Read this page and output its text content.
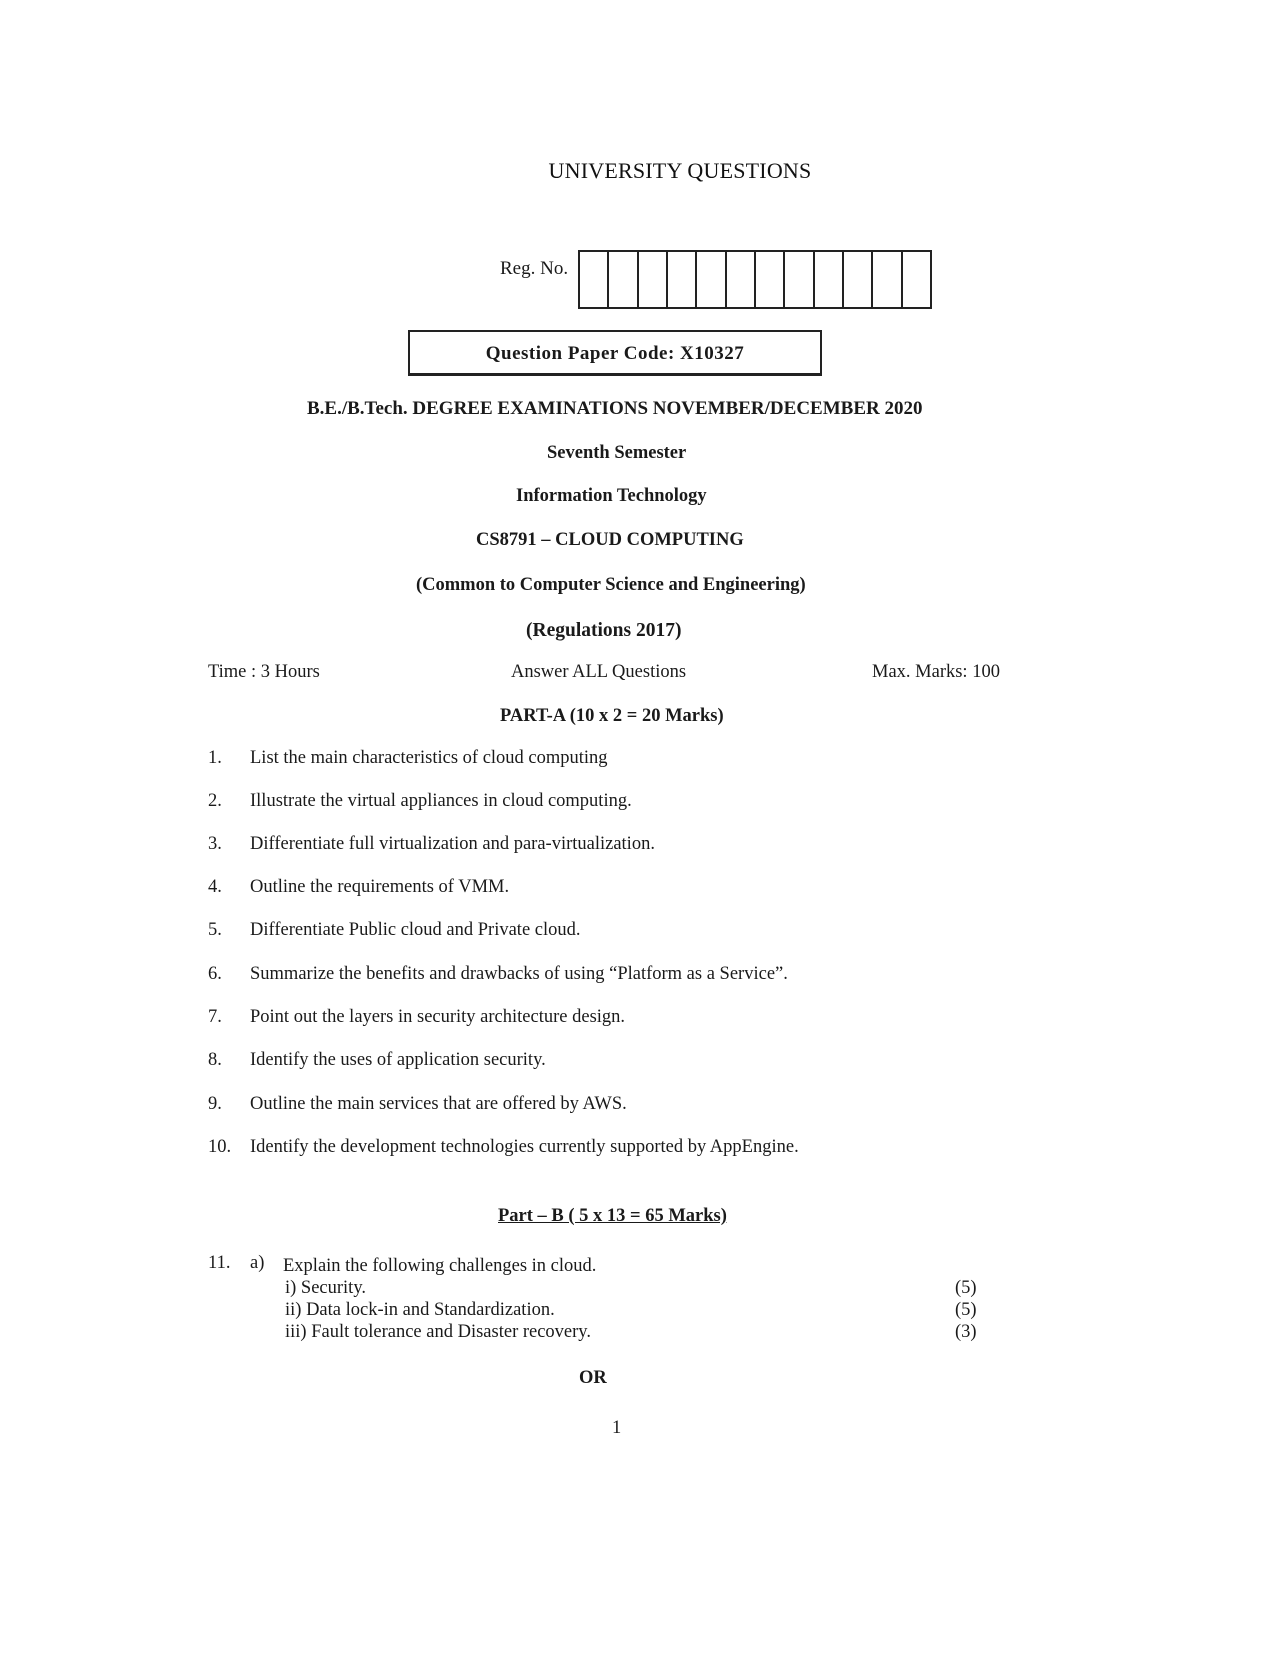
UNIVERSITY QUESTIONS
Reg. No.
Question Paper Code: X10327
B.E./B.Tech. DEGREE EXAMINATIONS NOVEMBER/DECEMBER 2020
Seventh Semester
Information Technology
CS8791 – CLOUD COMPUTING
(Common to Computer Science and Engineering)
(Regulations 2017)
Time : 3 Hours	Answer ALL Questions	Max. Marks: 100
PART-A (10 x 2 = 20 Marks)
1. List the main characteristics of cloud computing
2. Illustrate the virtual appliances in cloud computing.
3. Differentiate full virtualization and para-virtualization.
4. Outline the requirements of VMM.
5. Differentiate Public cloud and Private cloud.
6. Summarize the benefits and drawbacks of using “Platform as a Service”.
7. Point out the layers in security architecture design.
8. Identify the uses of application security.
9. Outline the main services that are offered by AWS.
10. Identify the development technologies currently supported by AppEngine.
Part – B ( 5 x 13 = 65 Marks)
11. a) Explain the following challenges in cloud.
i) Security.	(5)
ii) Data lock-in and Standardization.	(5)
iii) Fault tolerance and Disaster recovery.	(3)
OR
1
